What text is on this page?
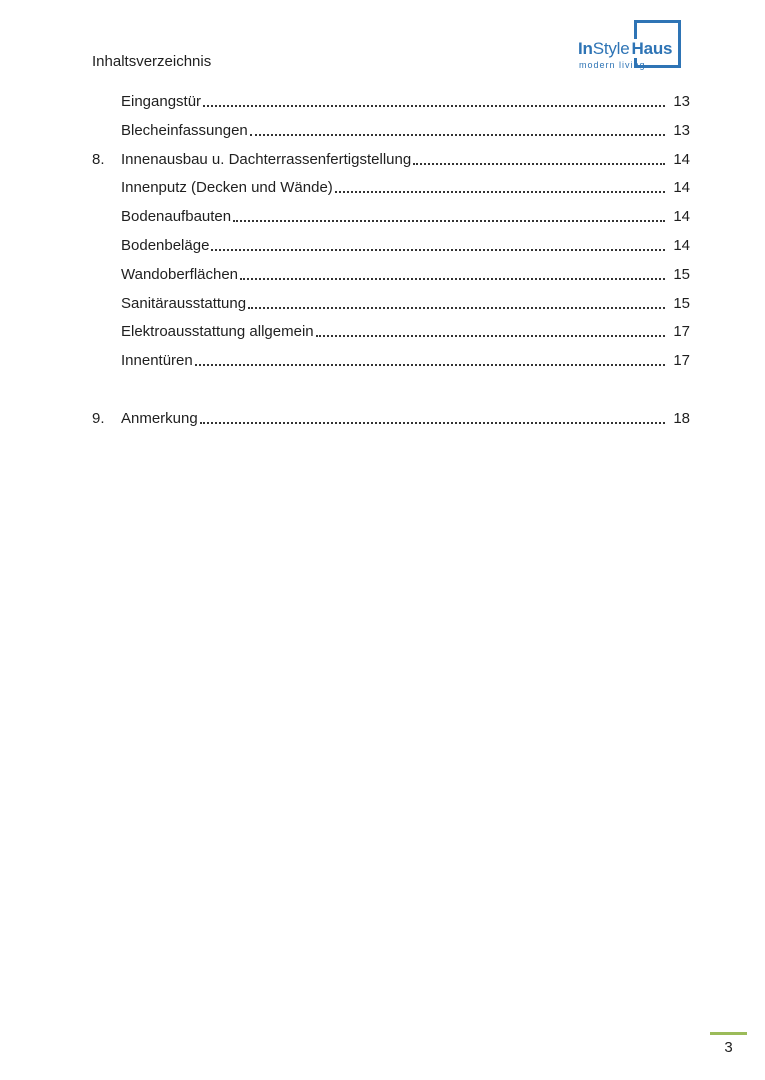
Inhaltsverzeichnis
InStyle Haus
modern living
Eingangstür	13
Blecheinfassungen	13
8.	Innenausbau u. Dachterrassenfertigstellung	14
Innenputz (Decken und Wände)	14
Bodenaufbauten	14
Bodenbeläge	14
Wandoberflächen	15
Sanitärausstattung	15
Elektroausstattung allgemein	17
Innentüren	17
9.	Anmerkung	18
3
